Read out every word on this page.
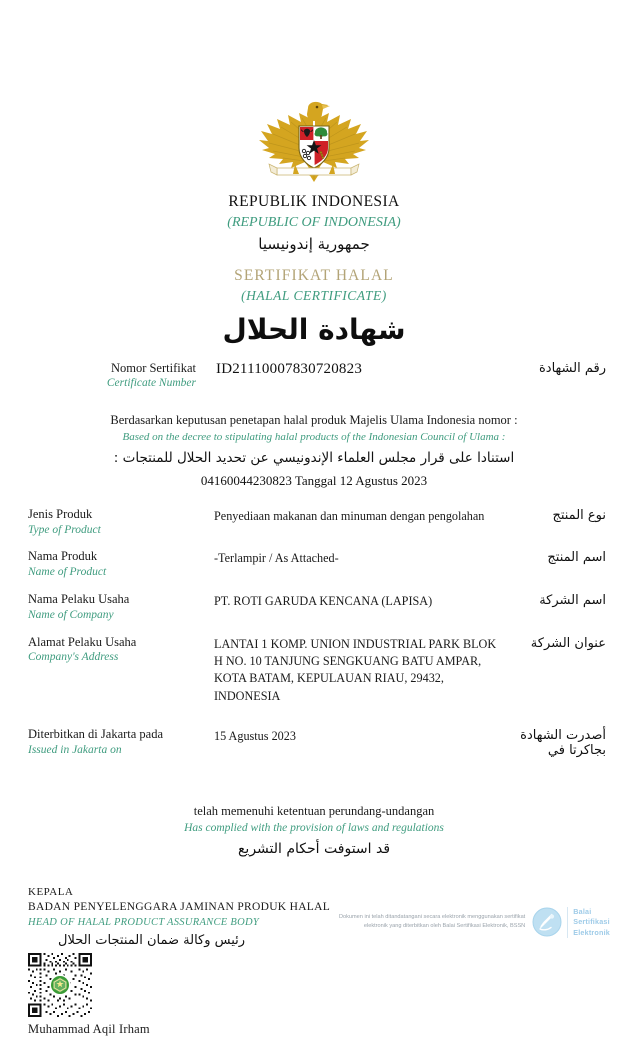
REPUBLIK INDONESIA
(REPUBLIC OF INDONESIA)
جمهورية إندونيسيا
SERTIFIKAT HALAL
(HALAL CERTIFICATE)
شهادة الحلال
Nomor Sertifikat
Certificate Number
ID21110007830720823	رقم الشهادة
Berdasarkan keputusan penetapan halal produk Majelis Ulama Indonesia nomor :
Based on the decree to stipulating halal products of the Indonesian Council of Ulama :
استنادا على قرار مجلس العلماء الإندونيسي عن تحديد الحلال للمنتجات :
04160044230823 Tanggal 12 Agustus 2023
Jenis Produk
Type of Product
Penyediaan makanan dan minuman dengan pengolahan	نوع المنتج
Nama Produk
Name of Product
-Terlampir / As Attached-	اسم المنتج
Nama Pelaku Usaha
Name of Company
PT. ROTI GARUDA KENCANA (LAPISA)	اسم الشركة
Alamat Pelaku Usaha
Company's Address
LANTAI 1 KOMP. UNION INDUSTRIAL PARK BLOK H NO. 10 TANJUNG SENGKUANG BATU AMPAR, KOTA BATAM, KEPULAUAN RIAU, 29432, INDONESIA
عنوان الشركة
Diterbitkan di Jakarta pada
Issued in Jakarta on
15 Agustus 2023	أصدرت الشهادة بجاكرتا في
telah memenuhi ketentuan perundang-undangan
Has complied with the provision of laws and regulations
قد استوفت أحكام التشريع
KEPALA
BADAN PENYELENGGARA JAMINAN PRODUK HALAL
HEAD OF HALAL PRODUCT ASSURANCE BODY
رئيس وكالة ضمان المنتجات الحلال
Muhammad Aqil Irham
Dokumen ini telah ditandatangani secara elektronik menggunakan sertifikat
elektronik yang diterbitkan oleh Balai Sertifikasi Elektronik, BSSN
Balai
Sertifikasi
Elektronik
